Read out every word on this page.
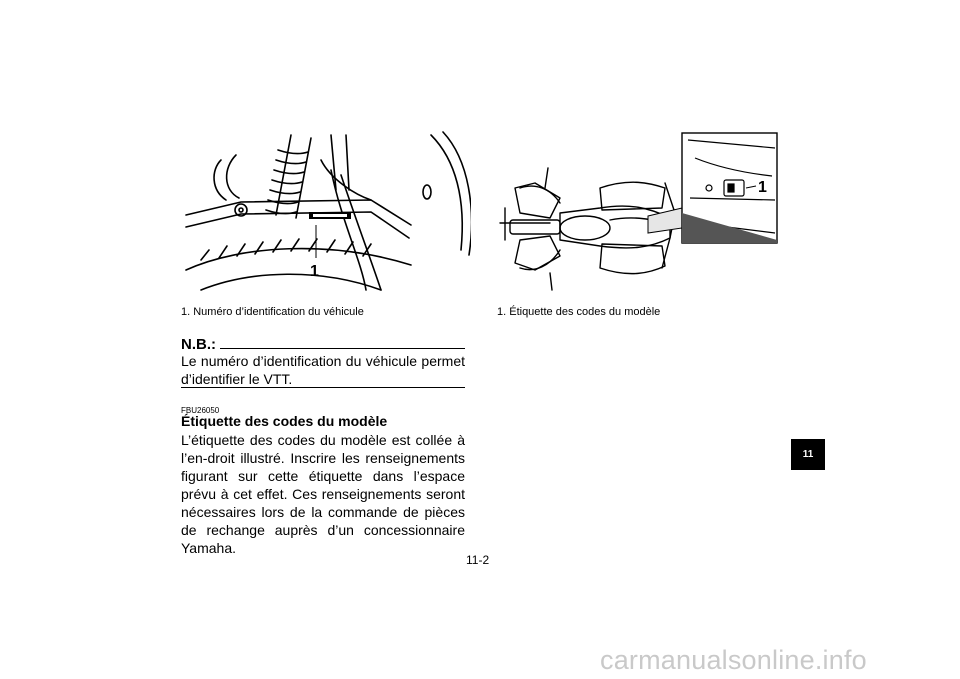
1
1. Numéro d’identification du véhicule
1
1. Étiquette des codes du modèle
N.B.:
Le numéro d’identification du véhicule permet d’identifier le VTT.
FBU26050
Étiquette des codes du modèle
L’étiquette des codes du modèle est collée à l’en-droit illustré. Inscrire les renseignements figurant sur cette étiquette dans l’espace prévu à cet effet. Ces renseignements seront nécessaires lors de la commande de pièces de rechange auprès d’un concessionnaire Yamaha.
11-2
11
carmanualsonline.info
